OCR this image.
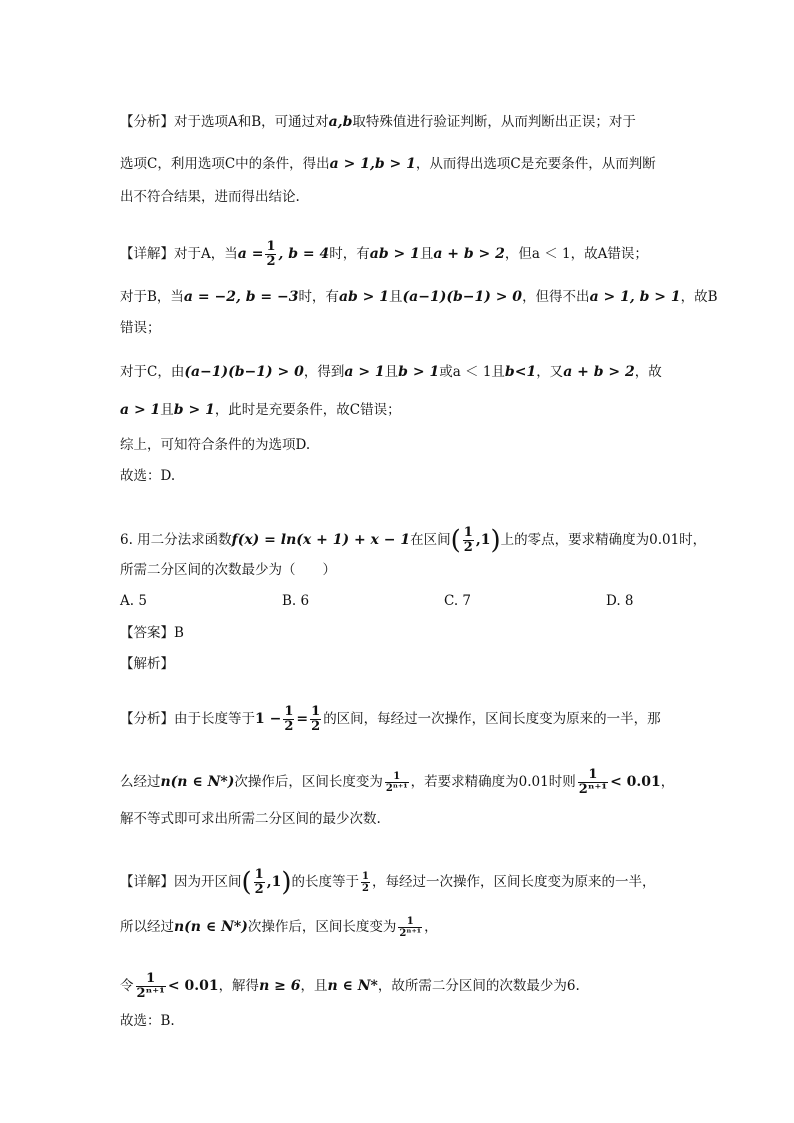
【分析】对于选项A和B，可通过对a,b取特殊值进行验证判断，从而判断出正误；对于
选项C，利用选项C中的条件，得出a > 1,b > 1，从而得出选项C是充要条件，从而判断
出不符合结果，进而得出结论.
【详解】对于A，当$a = \frac{1}{2}$ , b = 4时，有ab > 1且a + b > 2，但a ＜ 1，故A错误；
对于B，当a = −2, b = −3时，有ab > 1且(a−1)(b−1) > 0，但得不出a > 1, b > 1，故B
错误；
对于C，由(a−1)(b−1) > 0，得到a > 1且b > 1或a ＜ 1且b<1，又a + b > 2，故
a > 1且b > 1，此时是充要条件，故C错误；
综上，可知符合条件的为选项D.
故选：D.
6. 用二分法求函数f(x) = ln(x + 1) + x − 1在区间( $\frac{1}{2} ,1$)上的零点，要求精确度为0.01时，
所需二分区间的次数最少为（　　）
A. 5	B. 6	C. 7	D. 8
【答案】B
【解析】
【分析】由于长度等于$1 - \frac{1}{2} = \frac{1}{2}$ 的区间，每经过一次操作，区间长度变为原来的一半，那
么经过n(n ∈ N*)次操作后，区间长度变为 $\frac{1}{\text{2ⁿ⁺¹}}$ ，若要求精确度为0.01时则 $\frac{1}{\text{2ⁿ⁺¹}} < 0.01$，
解不等式即可求出所需二分区间的最少次数.
【详解】因为开区间( $\frac{1}{2} ,1$)的长度等于 $\frac{1}{2}$ ，每经过一次操作，区间长度变为原来的一半，
所以经过n(n ∈ N*)次操作后，区间长度变为 $\frac{1}{\text{2ⁿ⁺¹}}$ ，
令 $\frac{1}{\text{2ⁿ⁺¹}} < 0.01$，解得n ≥ 6，且n ∈ N*，故所需二分区间的次数最少为6.
故选：B.
